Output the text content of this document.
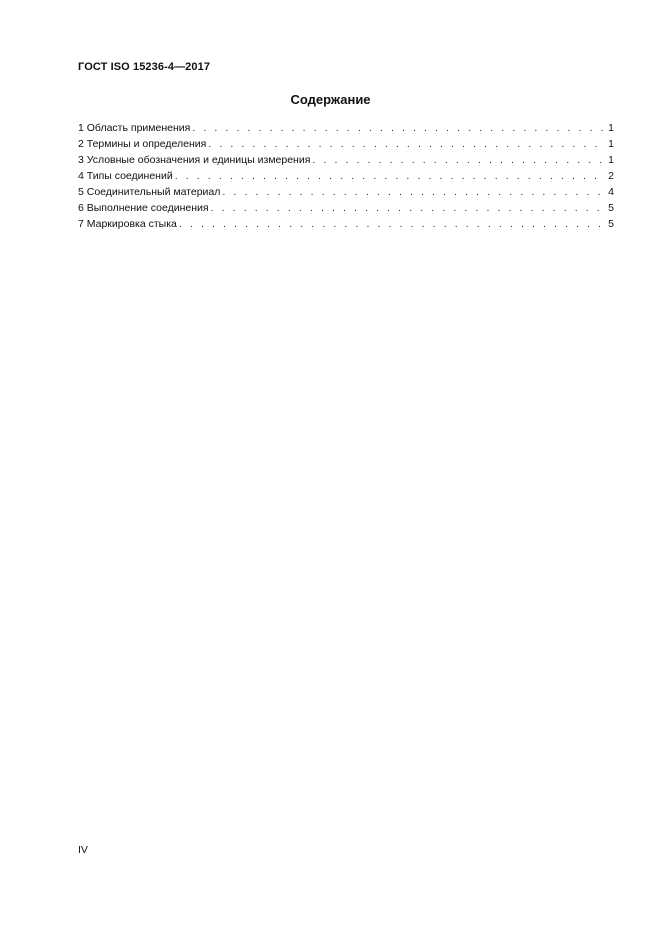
ГОСТ ISO 15236-4—2017
Содержание
1 Область применения . . .	1
2 Термины и определения . . .	1
3 Условные обозначения и единицы измерения . . .	1
4 Типы соединений . . .	2
5 Соединительный материал . . .	4
6 Выполнение соединения . . .	5
7 Маркировка стыка . . .	5
IV
